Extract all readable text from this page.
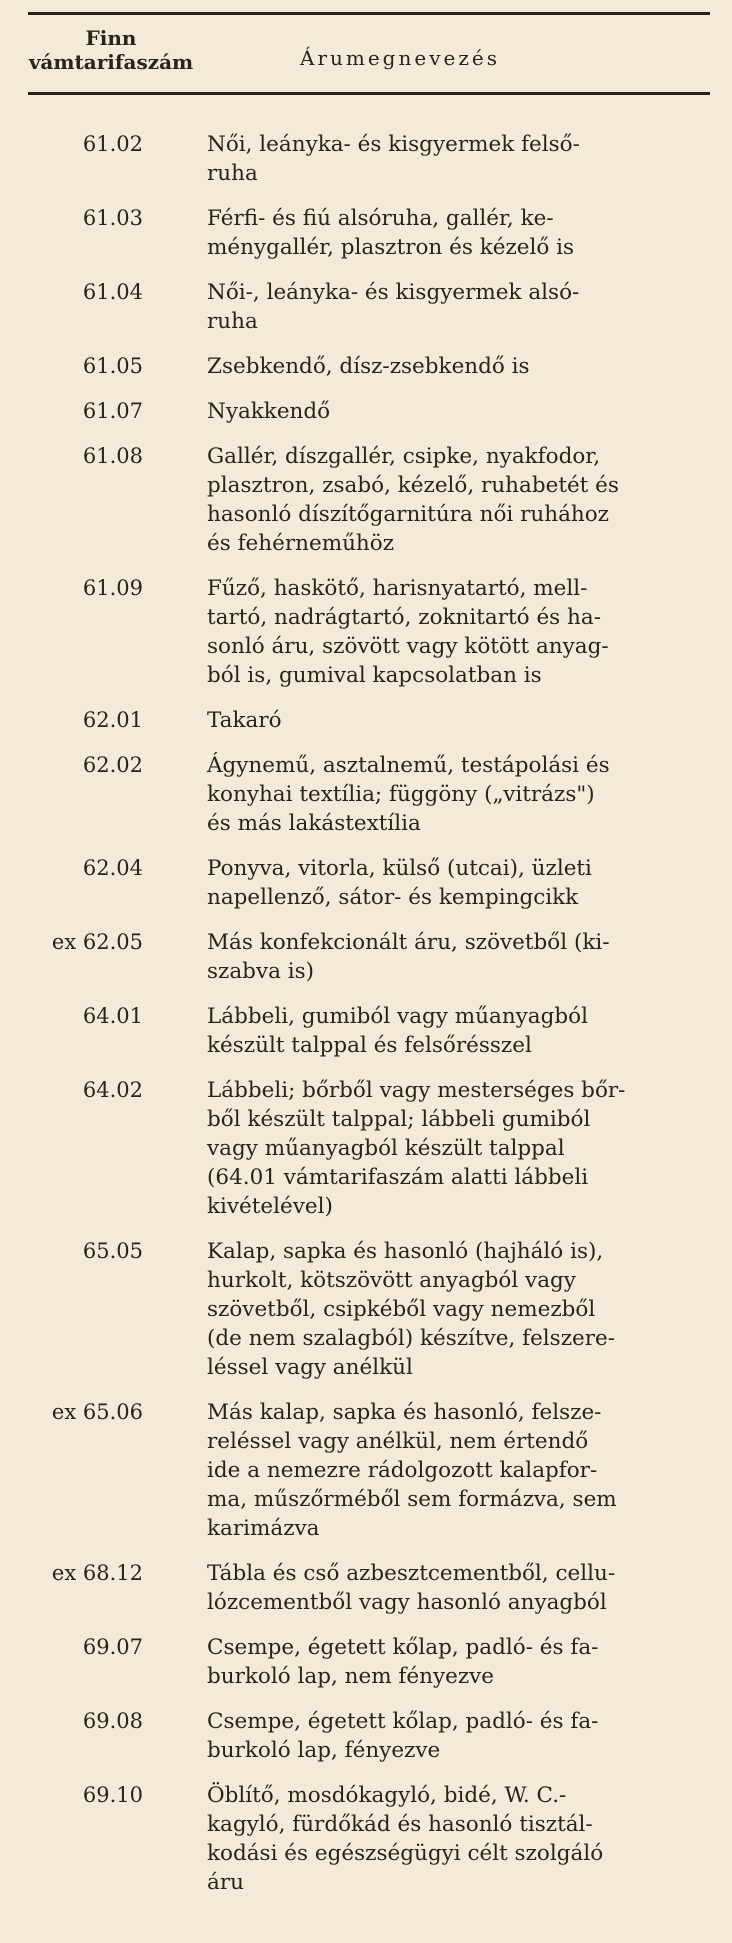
Finn
vámtarifaszám	Árumegnevezés
61.02	Női, leányka- és kisgyermek felső-
ruha
61.03	Férfi- és fiú alsóruha, gallér, ke-
ménygallér, plasztron és kézelő is
61.04	Női-, leányka- és kisgyermek alsó-
ruha
61.05	Zsebkendő, dísz-zsebkendő is
61.07	Nyakkendő
61.08	Gallér, díszgallér, csipke, nyakfodor,
plasztron, zsabó, kézelő, ruhabetét és
hasonló díszítőgarnitúra női ruhához
és fehérneműhöz
61.09	Fűző, haskötő, harisnyatartó, mell-
tartó, nadrágtartó, zoknitartó és ha-
sonló áru, szövött vagy kötött anyag-
ból is, gumival kapcsolatban is
62.01	Takaró
62.02	Ágynemű, asztalnemű, testápolási és
konyhai textília; függöny („vitrázs")
és más lakástextília
62.04	Ponyva, vitorla, külső (utcai), üzleti
napellenző, sátor- és kempingcikk
ex 62.05	Más konfekcionált áru, szövetből (ki-
szabva is)
64.01	Lábbeli, gumiból vagy műanyagból
készült talppal és felsőrésszel
64.02	Lábbeli; bőrből vagy mesterséges bőr-
ből készült talppal; lábbeli gumiból
vagy műanyagból készült talppal
(64.01 vámtarifaszám alatti lábbeli
kivételével)
65.05	Kalap, sapka és hasonló (hajháló is),
hurkolt, kötszövött anyagból vagy
szövetből, csipkéből vagy nemezből
(de nem szalagból) készítve, felszere-
léssel vagy anélkül
ex 65.06	Más kalap, sapka és hasonló, felsze-
reléssel vagy anélkül, nem értendő
ide a nemezre rádolgozott kalapfor-
ma, műszőrméből sem formázva, sem
karimázva
ex 68.12	Tábla és cső azbesztcementből, cellu-
lózcementből vagy hasonló anyagból
69.07	Csempe, égetett kőlap, padló- és fa-
burkoló lap, nem fényezve
69.08	Csempe, égetett kőlap, padló- és fa-
burkoló lap, fényezve
69.10	Öblítő, mosdókagyló, bidé, W. C.-
kagyló, fürdőkád és hasonló tisztál-
kodási és egészségügyi célt szolgáló
áru
